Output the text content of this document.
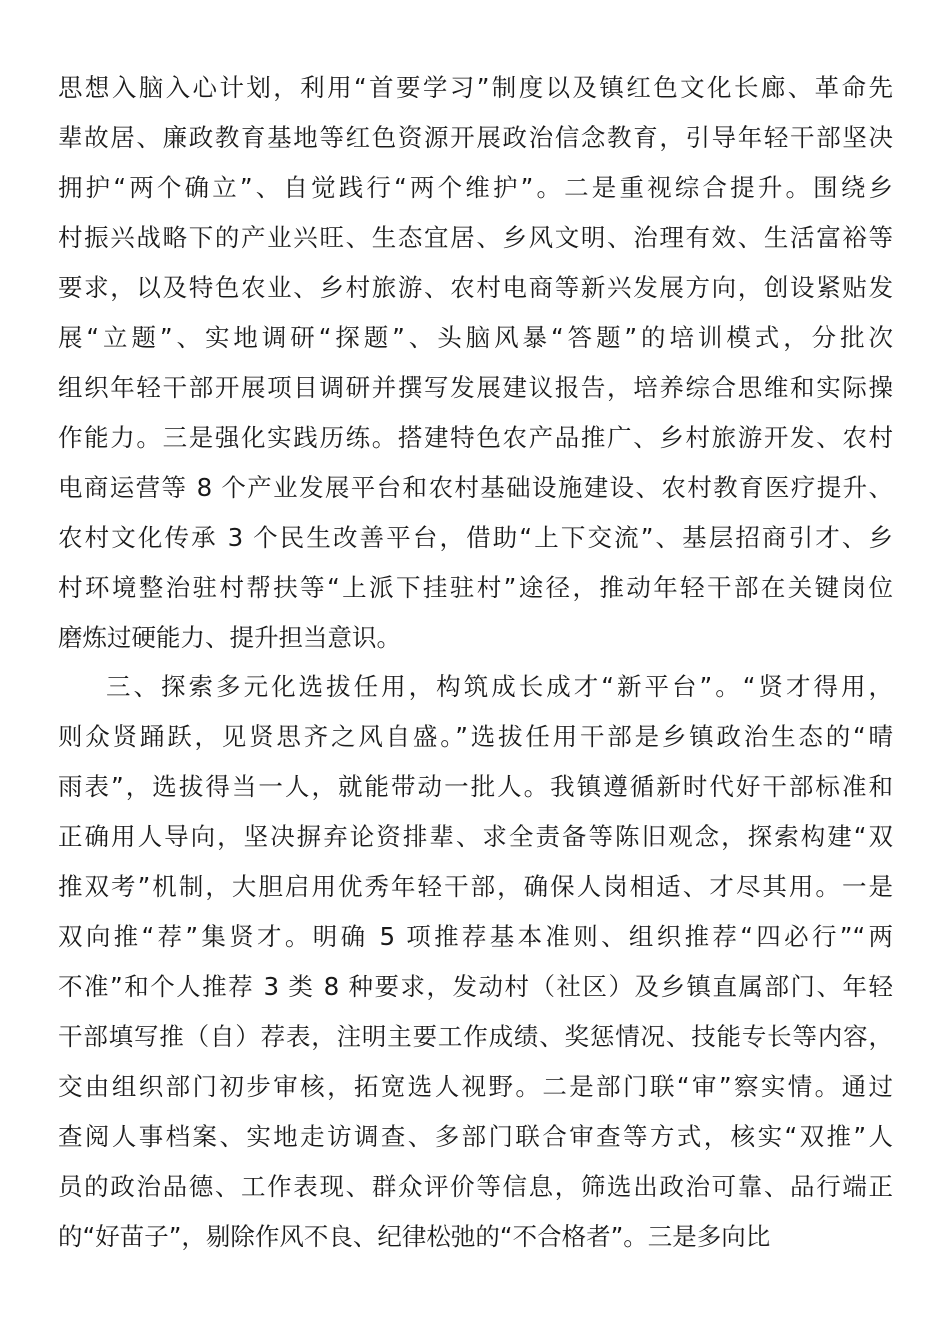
思想入脑入心计划，利用“首要学习”制度以及镇红色文化长廊、革命先
辈故居、廉政教育基地等红色资源开展政治信念教育，引导年轻干部坚决
拥护“两个确立”、自觉践行“两个维护”。二是重视综合提升。围绕乡
村振兴战略下的产业兴旺、生态宜居、乡风文明、治理有效、生活富裕等
要求，以及特色农业、乡村旅游、农村电商等新兴发展方向，创设紧贴发
展“立题”、实地调研“探题”、头脑风暴“答题”的培训模式，分批次
组织年轻干部开展项目调研并撰写发展建议报告，培养综合思维和实际操
作能力。三是强化实践历练。搭建特色农产品推广、乡村旅游开发、农村
电商运营等 8 个产业发展平台和农村基础设施建设、农村教育医疗提升、
农村文化传承 3 个民生改善平台，借助“上下交流”、基层招商引才、乡
村环境整治驻村帮扶等“上派下挂驻村”途径，推动年轻干部在关键岗位
磨炼过硬能力、提升担当意识。
三、探索多元化选拔任用，构筑成长成才“新平台”。“贤才得用，
则众贤踊跃，见贤思齐之风自盛。”选拔任用干部是乡镇政治生态的“晴
雨表”，选拔得当一人，就能带动一批人。我镇遵循新时代好干部标准和
正确用人导向，坚决摒弃论资排辈、求全责备等陈旧观念，探索构建“双
推双考”机制，大胆启用优秀年轻干部，确保人岗相适、才尽其用。一是
双向推“荐”集贤才。明确 5 项推荐基本准则、组织推荐“四必行”“两
不准”和个人推荐 3 类 8 种要求，发动村（社区）及乡镇直属部门、年轻
干部填写推（自）荐表，注明主要工作成绩、奖惩情况、技能专长等内容，
交由组织部门初步审核，拓宽选人视野。二是部门联“审”察实情。通过
查阅人事档案、实地走访调查、多部门联合审查等方式，核实“双推”人
员的政治品德、工作表现、群众评价等信息，筛选出政治可靠、品行端正
的“好苗子”，剔除作风不良、纪律松弛的“不合格者”。三是多向比
